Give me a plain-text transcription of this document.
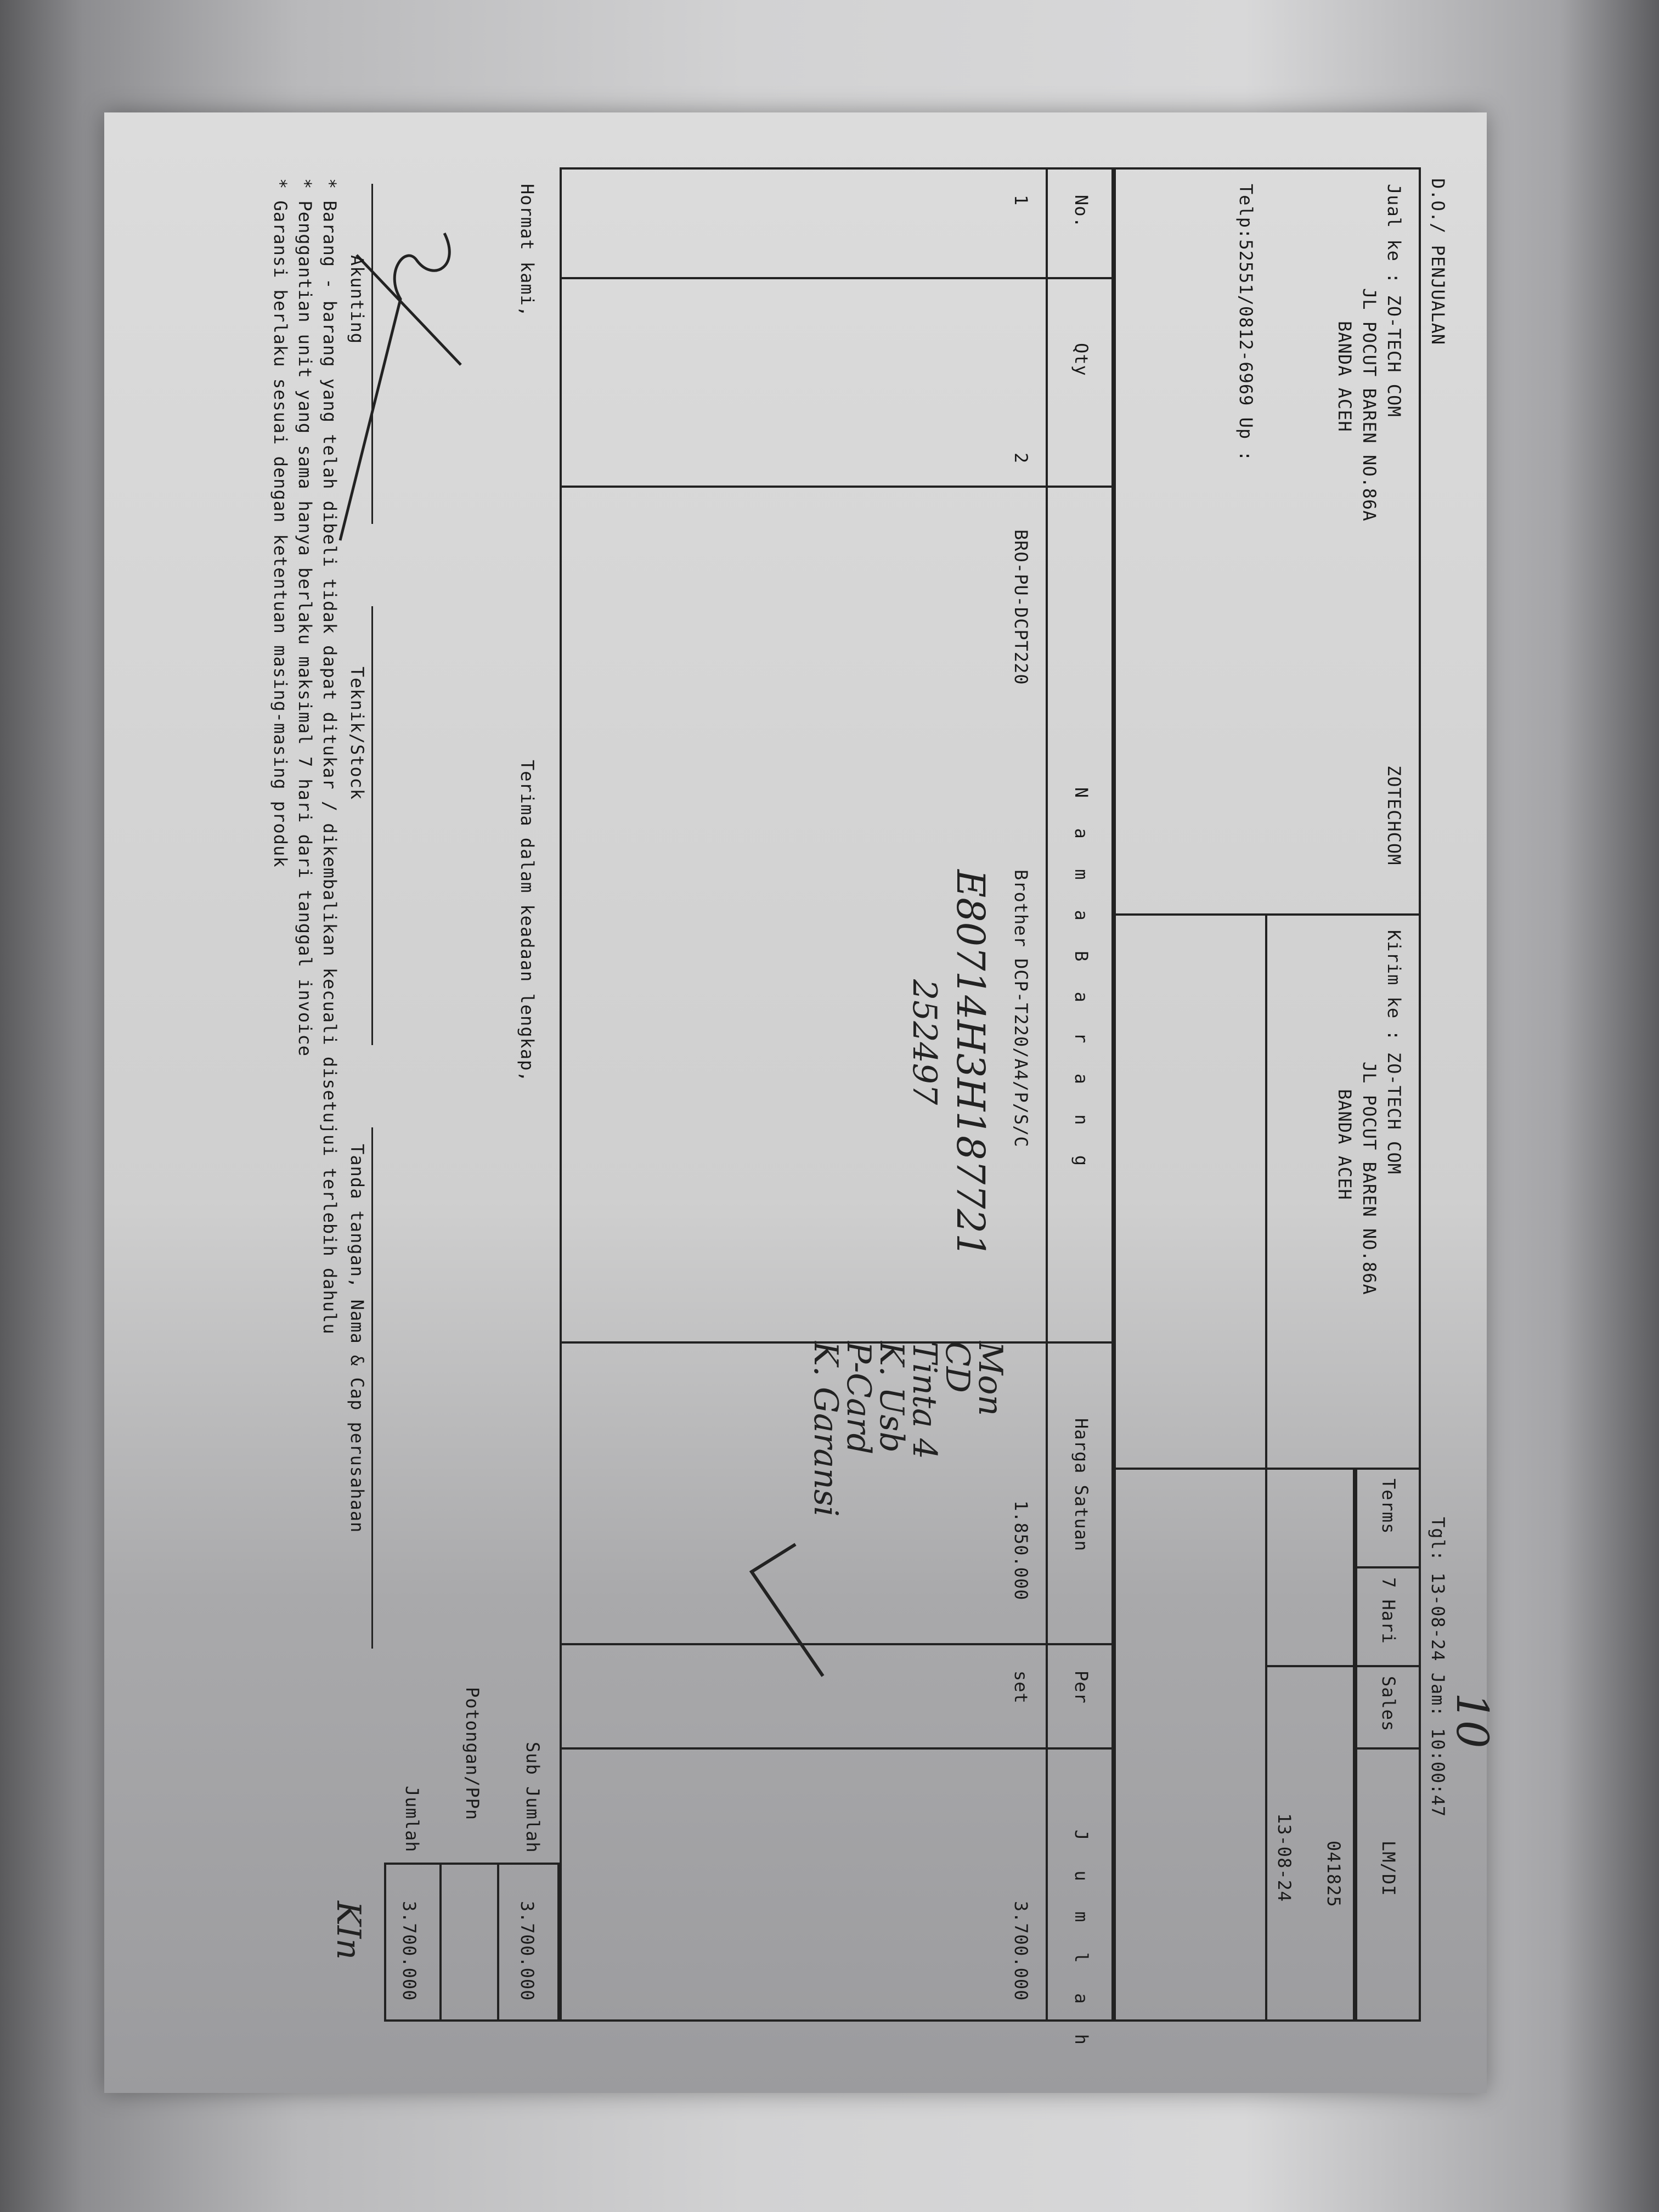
D.O./ PENJUALAN
Tgl: 13-08-24 Jam: 10:00:47
10
Jual ke : ZO-TECH COM
JL POCUT BAREN NO.86A
BANDA ACEH
Telp:52551/0812-6969 Up :
ZOTECHCOM
Kirim ke : ZO-TECH COM
JL POCUT BAREN NO.86A
BANDA ACEH
Terms
7 Hari
Sales
LM/DI
041825
13-08-24
No.
Qty
N a m a B a r a n g
Harga Satuan
Per
J u m l a h
1
2
BRO-PU-DCPT220
Brother DCP-T220/A4/P/S/C
1.850.000
set
3.700.000
E80714H3H187721
252497
Mon
CD
Tinta 4
K. Usb
P-Card
K. Garansi
Sub Jumlah
Potongan/PPn
Jumlah
3.700.000
3.700.000
KIn
Hormat kami,
Terima dalam keadaan lengkap,
Akunting
Teknik/Stock
Tanda tangan, Nama & Cap perusahaan
* Barang - barang yang telah dibeli tidak dapat ditukar / dikembalikan kecuali disetujui terlebih dahulu
* Penggantian unit yang sama hanya berlaku maksimal 7 hari dari tanggal invoice
* Garansi berlaku sesuai dengan ketentuan masing-masing produk
